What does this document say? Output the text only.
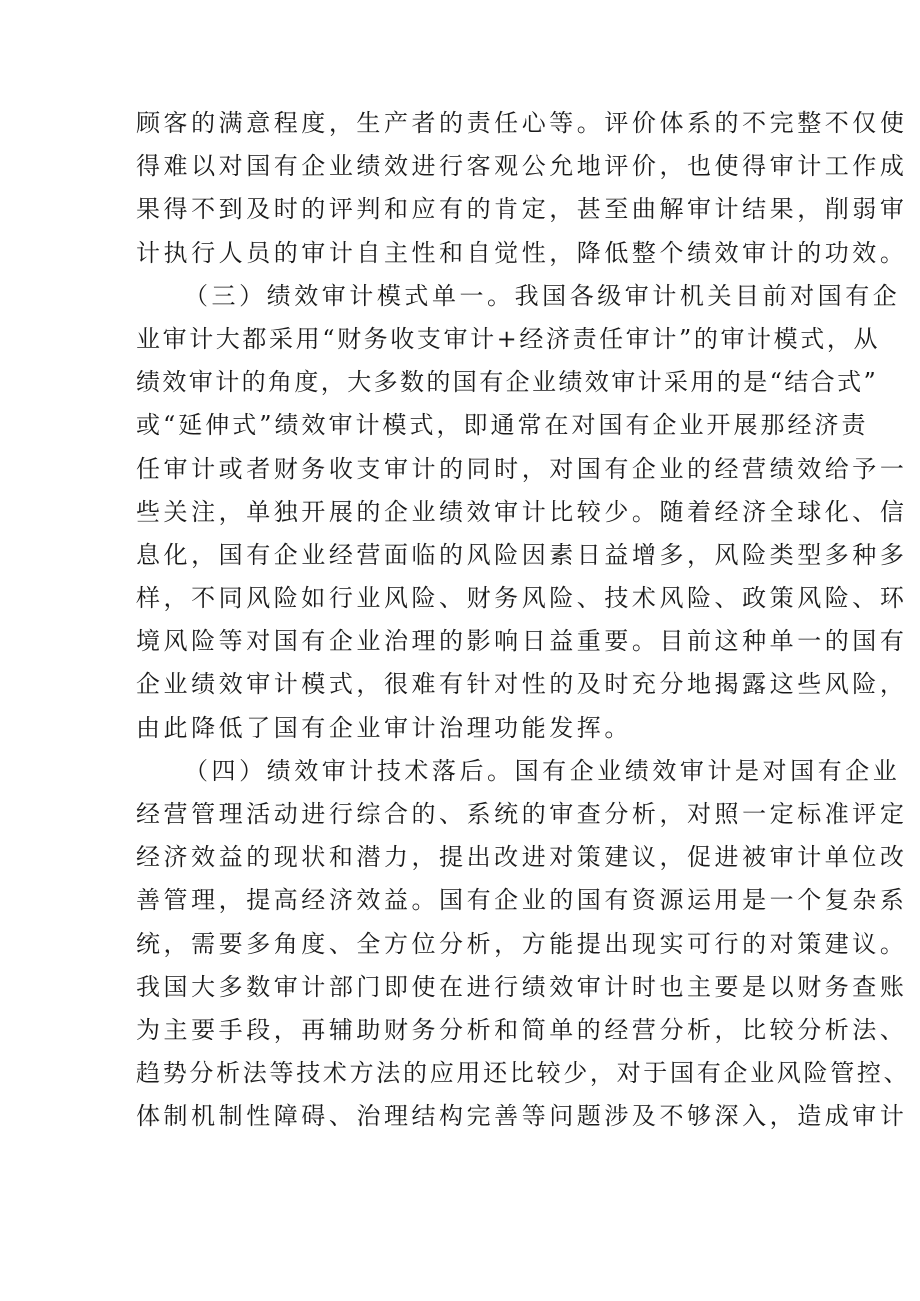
顾客的满意程度，生产者的责任心等。评价体系的不完整不仅使
得难以对国有企业绩效进行客观公允地评价，也使得审计工作成
果得不到及时的评判和应有的肯定，甚至曲解审计结果，削弱审
计执行人员的审计自主性和自觉性，降低整个绩效审计的功效。
（三）绩效审计模式单一。我国各级审计机关目前对国有企
业审计大都采用“财务收支审计+经济责任审计”的审计模式，从
绩效审计的角度，大多数的国有企业绩效审计采用的是“结合式”
或“延伸式”绩效审计模式，即通常在对国有企业开展那经济责
任审计或者财务收支审计的同时，对国有企业的经营绩效给予一
些关注，单独开展的企业绩效审计比较少。随着经济全球化、信
息化，国有企业经营面临的风险因素日益增多，风险类型多种多
样，不同风险如行业风险、财务风险、技术风险、政策风险、环
境风险等对国有企业治理的影响日益重要。目前这种单一的国有
企业绩效审计模式，很难有针对性的及时充分地揭露这些风险，
由此降低了国有企业审计治理功能发挥。
（四）绩效审计技术落后。国有企业绩效审计是对国有企业
经营管理活动进行综合的、系统的审查分析，对照一定标准评定
经济效益的现状和潜力，提出改进对策建议，促进被审计单位改
善管理，提高经济效益。国有企业的国有资源运用是一个复杂系
统，需要多角度、全方位分析，方能提出现实可行的对策建议。
我国大多数审计部门即使在进行绩效审计时也主要是以财务查账
为主要手段，再辅助财务分析和简单的经营分析，比较分析法、
趋势分析法等技术方法的应用还比较少，对于国有企业风险管控、
体制机制性障碍、治理结构完善等问题涉及不够深入，造成审计
